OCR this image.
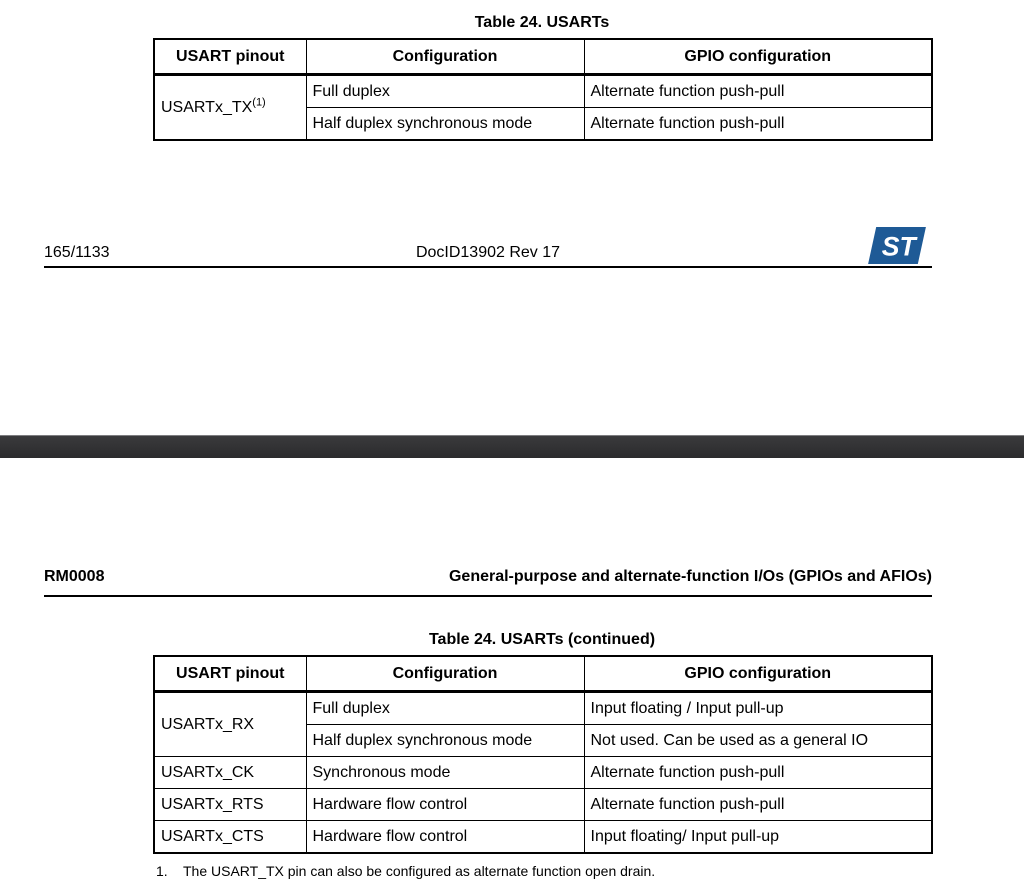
Table 24. USARTs
USART pinout	Configuration	GPIO configuration
USARTx_TX$^{(1)}$	Full duplex	Alternate function push-pull
	Half duplex synchronous mode	Alternate function push-pull
165/1133	DocID13902 Rev 17	ST
RM0008	General-purpose and alternate-function I/Os (GPIOs and AFIOs)
Table 24. USARTs (continued)
USART pinout	Configuration	GPIO configuration
USARTx_RX	Full duplex	Input floating / Input pull-up
	Half duplex synchronous mode	Not used. Can be used as a general IO
USARTx_CK	Synchronous mode	Alternate function push-pull
USARTx_RTS	Hardware flow control	Alternate function push-pull
USARTx_CTS	Hardware flow control	Input floating/ Input pull-up
1. The USART_TX pin can also be configured as alternate function open drain.
